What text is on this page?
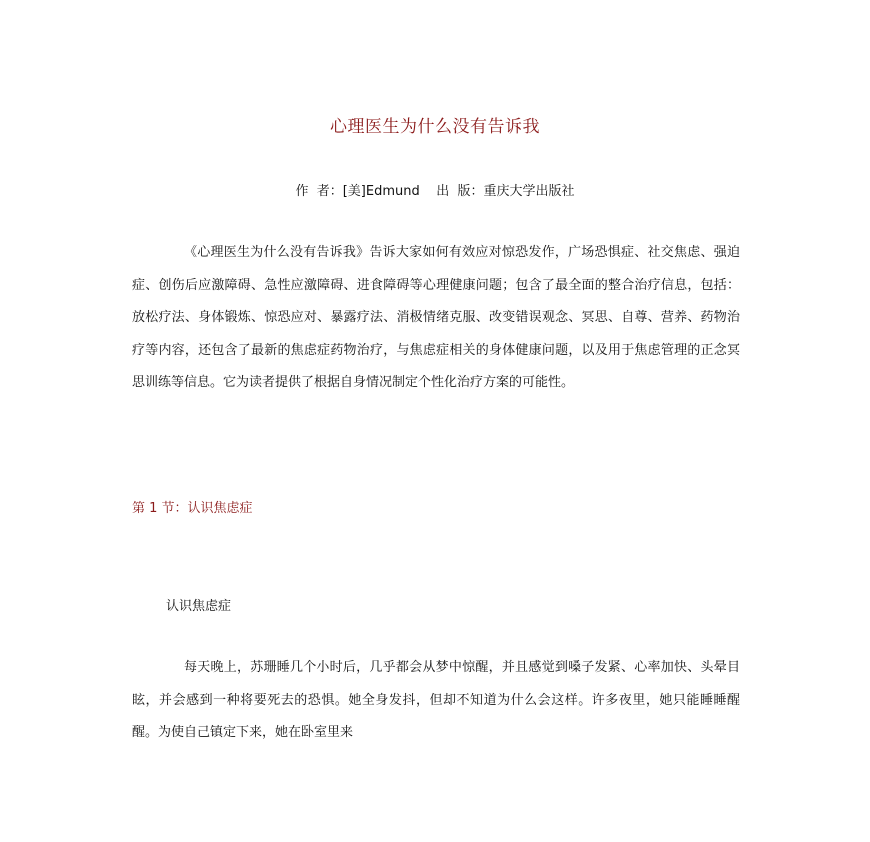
心理医生为什么没有告诉我
作  者：[美]Edmund 出  版：重庆大学出版社

《心理医生为什么没有告诉我》告诉大家如何有效应对惊恐发作，广场恐惧症、社交焦虑、强迫症、创伤后应激障碍、急性应激障碍、进食障碍等心理健康问题；包含了最全面的整合治疗信息，包括：放松疗法、身体锻炼、惊恐应对、暴露疗法、消极情绪克服、改变错误观念、冥思、自尊、营养、药物治疗等内容，还包含了最新的焦虑症药物治疗，与焦虑症相关的身体健康问题，以及用于焦虑管理的正念冥思训练等信息。它为读者提供了根据自身情况制定个性化治疗方案的可能性。

第 1 节：认识焦虑症
认识焦虑症

每天晚上，苏珊睡几个小时后，几乎都会从梦中惊醒，并且感觉到嗓子发紧、心率加快、头晕目眩，并会感到一种将要死去的恐惧。她全身发抖，但却不知道为什么会这样。许多夜里，她只能睡睡醒醒。为使自己镇定下来，她在卧室里来
